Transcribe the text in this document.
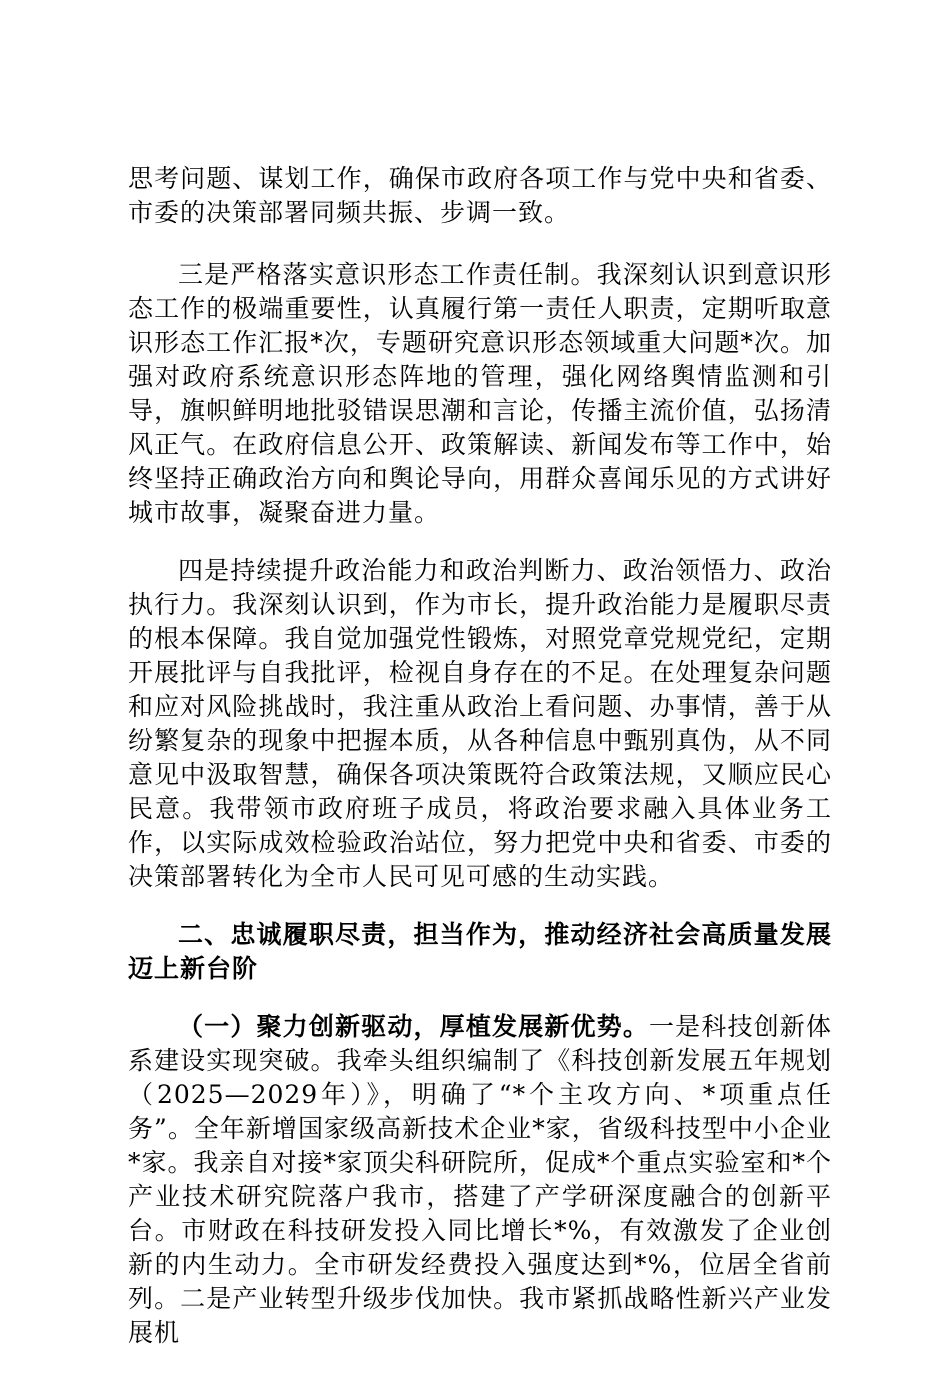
思考问题、谋划工作，确保市政府各项工作与党中央和省委、市委的决策部署同频共振、步调一致。

三是严格落实意识形态工作责任制。我深刻认识到意识形态工作的极端重要性，认真履行第一责任人职责，定期听取意识形态工作汇报*次，专题研究意识形态领域重大问题*次。加强对政府系统意识形态阵地的管理，强化网络舆情监测和引导，旗帜鲜明地批驳错误思潮和言论，传播主流价值，弘扬清风正气。在政府信息公开、政策解读、新闻发布等工作中，始终坚持正确政治方向和舆论导向，用群众喜闻乐见的方式讲好城市故事，凝聚奋进力量。

四是持续提升政治能力和政治判断力、政治领悟力、政治执行力。我深刻认识到，作为市长，提升政治能力是履职尽责的根本保障。我自觉加强党性锻炼，对照党章党规党纪，定期开展批评与自我批评，检视自身存在的不足。在处理复杂问题和应对风险挑战时，我注重从政治上看问题、办事情，善于从纷繁复杂的现象中把握本质，从各种信息中甄别真伪，从不同意见中汲取智慧，确保各项决策既符合政策法规，又顺应民心民意。我带领市政府班子成员，将政治要求融入具体业务工作，以实际成效检验政治站位，努力把党中央和省委、市委的决策部署转化为全市人民可见可感的生动实践。

二、忠诚履职尽责，担当作为，推动经济社会高质量发展迈上新台阶

（一）聚力创新驱动，厚植发展新优势。一是科技创新体系建设实现突破。我牵头组织编制了《科技创新发展五年规划（2025—2029年）》，明确了“*个主攻方向、*项重点任务”。全年新增国家级高新技术企业*家，省级科技型中小企业*家。我亲自对接*家顶尖科研院所，促成*个重点实验室和*个产业技术研究院落户我市，搭建了产学研深度融合的创新平台。市财政在科技研发投入同比增长*%，有效激发了企业创新的内生动力。全市研发经费投入强度达到*%，位居全省前列。二是产业转型升级步伐加快。我市紧抓战略性新兴产业发展机
